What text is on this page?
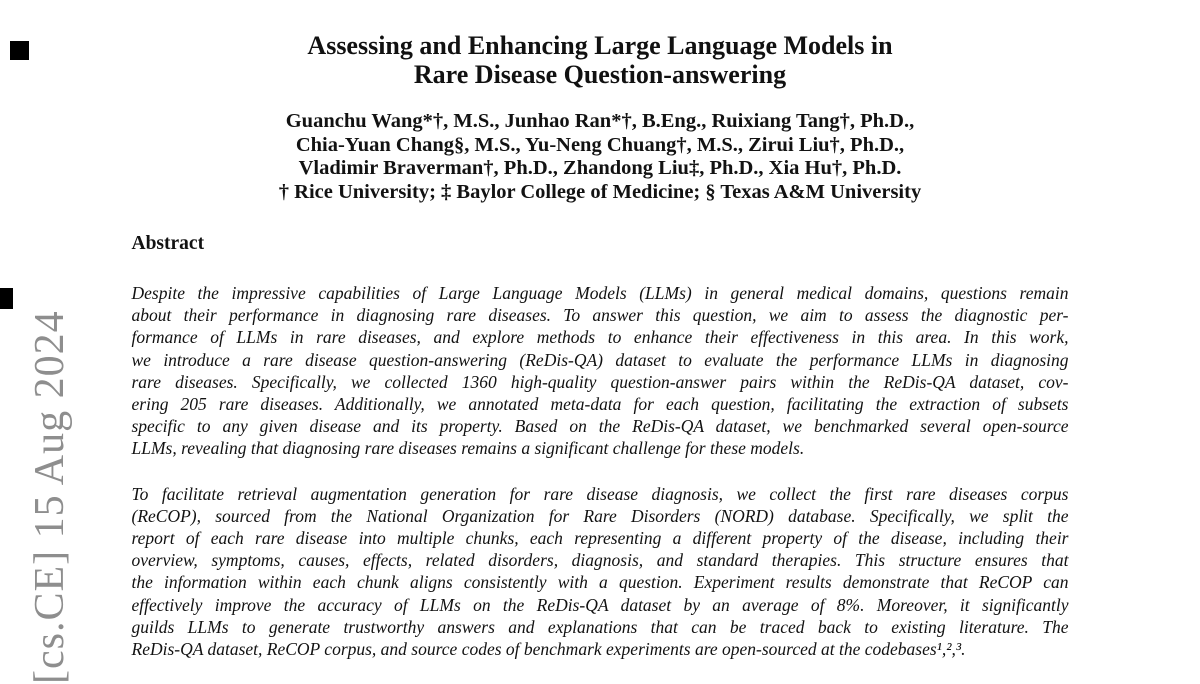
[cs.CE] 15 Aug 2024
Assessing and Enhancing Large Language Models in
Rare Disease Question-answering
Guanchu Wang*†, M.S., Junhao Ran*†, B.Eng., Ruixiang Tang†, Ph.D.,
Chia-Yuan Chang§, M.S., Yu-Neng Chuang†, M.S., Zirui Liu†, Ph.D.,
Vladimir Braverman†, Ph.D., Zhandong Liu‡, Ph.D., Xia Hu†, Ph.D.
† Rice University; ‡ Baylor College of Medicine; § Texas A&M University
Abstract
Despite the impressive capabilities of Large Language Models (LLMs) in general medical domains, questions remain
about their performance in diagnosing rare diseases. To answer this question, we aim to assess the diagnostic per-
formance of LLMs in rare diseases, and explore methods to enhance their effectiveness in this area. In this work,
we introduce a rare disease question-answering (ReDis-QA) dataset to evaluate the performance LLMs in diagnosing
rare diseases. Specifically, we collected 1360 high-quality question-answer pairs within the ReDis-QA dataset, cov-
ering 205 rare diseases. Additionally, we annotated meta-data for each question, facilitating the extraction of subsets
specific to any given disease and its property. Based on the ReDis-QA dataset, we benchmarked several open-source
LLMs, revealing that diagnosing rare diseases remains a significant challenge for these models.
To facilitate retrieval augmentation generation for rare disease diagnosis, we collect the first rare diseases corpus
(ReCOP), sourced from the National Organization for Rare Disorders (NORD) database. Specifically, we split the
report of each rare disease into multiple chunks, each representing a different property of the disease, including their
overview, symptoms, causes, effects, related disorders, diagnosis, and standard therapies. This structure ensures that
the information within each chunk aligns consistently with a question. Experiment results demonstrate that ReCOP can
effectively improve the accuracy of LLMs on the ReDis-QA dataset by an average of 8%. Moreover, it significantly
guilds LLMs to generate trustworthy answers and explanations that can be traced back to existing literature. The
ReDis-QA dataset, ReCOP corpus, and source codes of benchmark experiments are open-sourced at the codebases¹,²,³.
